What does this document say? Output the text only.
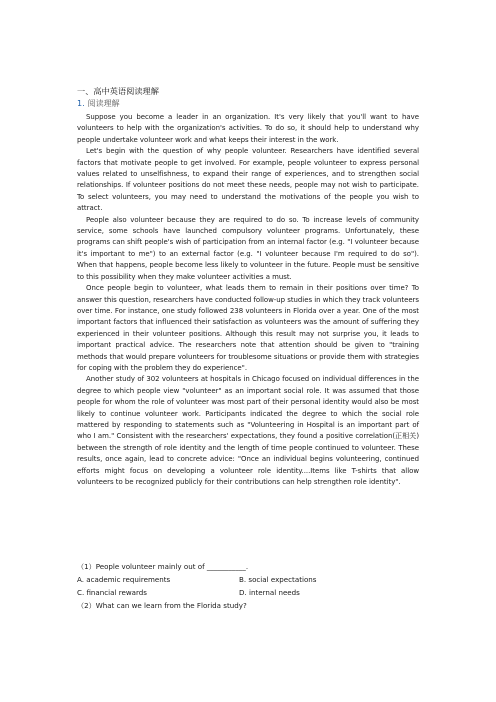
一、高中英语阅读理解
1. 阅读理解

Suppose you become a leader in an organization. It's very likely that you'll want to have volunteers to help with the organization's activities. To do so, it should help to understand why people undertake volunteer work and what keeps their interest in the work.

Let's begin with the question of why people volunteer. Researchers have identified several factors that motivate people to get involved. For example, people volunteer to express personal values related to unselfishness, to expand their range of experiences, and to strengthen social relationships. If volunteer positions do not meet these needs, people may not wish to participate. To select volunteers, you may need to understand the motivations of the people you wish to attract.

People also volunteer because they are required to do so. To increase levels of community service, some schools have launched compulsory volunteer programs. Unfortunately, these programs can shift people's wish of participation from an internal factor (e.g. "I volunteer because it's important to me") to an external factor (e.g. "I volunteer because I'm required to do so"). When that happens, people become less likely to volunteer in the future. People must be sensitive to this possibility when they make volunteer activities a must.

Once people begin to volunteer, what leads them to remain in their positions over time? To answer this question, researchers have conducted follow-up studies in which they track volunteers over time. For instance, one study followed 238 volunteers in Florida over a year. One of the most important factors that influenced their satisfaction as volunteers was the amount of suffering they experienced in their volunteer positions. Although this result may not surprise you, it leads to important practical advice. The researchers note that attention should be given to "training methods that would prepare volunteers for troublesome situations or provide them with strategies for coping with the problem they do experience".

Another study of 302 volunteers at hospitals in Chicago focused on individual differences in the degree to which people view "volunteer" as an important social role. It was assumed that those people for whom the role of volunteer was most part of their personal identity would also be most likely to continue volunteer work. Participants indicated the degree to which the social role mattered by responding to statements such as "Volunteering in Hospital is an important part of who I am." Consistent with the researchers' expectations, they found a positive correlation(正相关) between the strength of role identity and the length of time people continued to volunteer. These results, once again, lead to concrete advice: "Once an individual begins volunteering, continued efforts might focus on developing a volunteer role identity....Items like T-shirts that allow volunteers to be recognized publicly for their contributions can help strengthen role identity".

（1）People volunteer mainly out of ___________.
A. academic requirements	B. social expectations
C. financial rewards	D. internal needs
（2）What can we learn from the Florida study?
